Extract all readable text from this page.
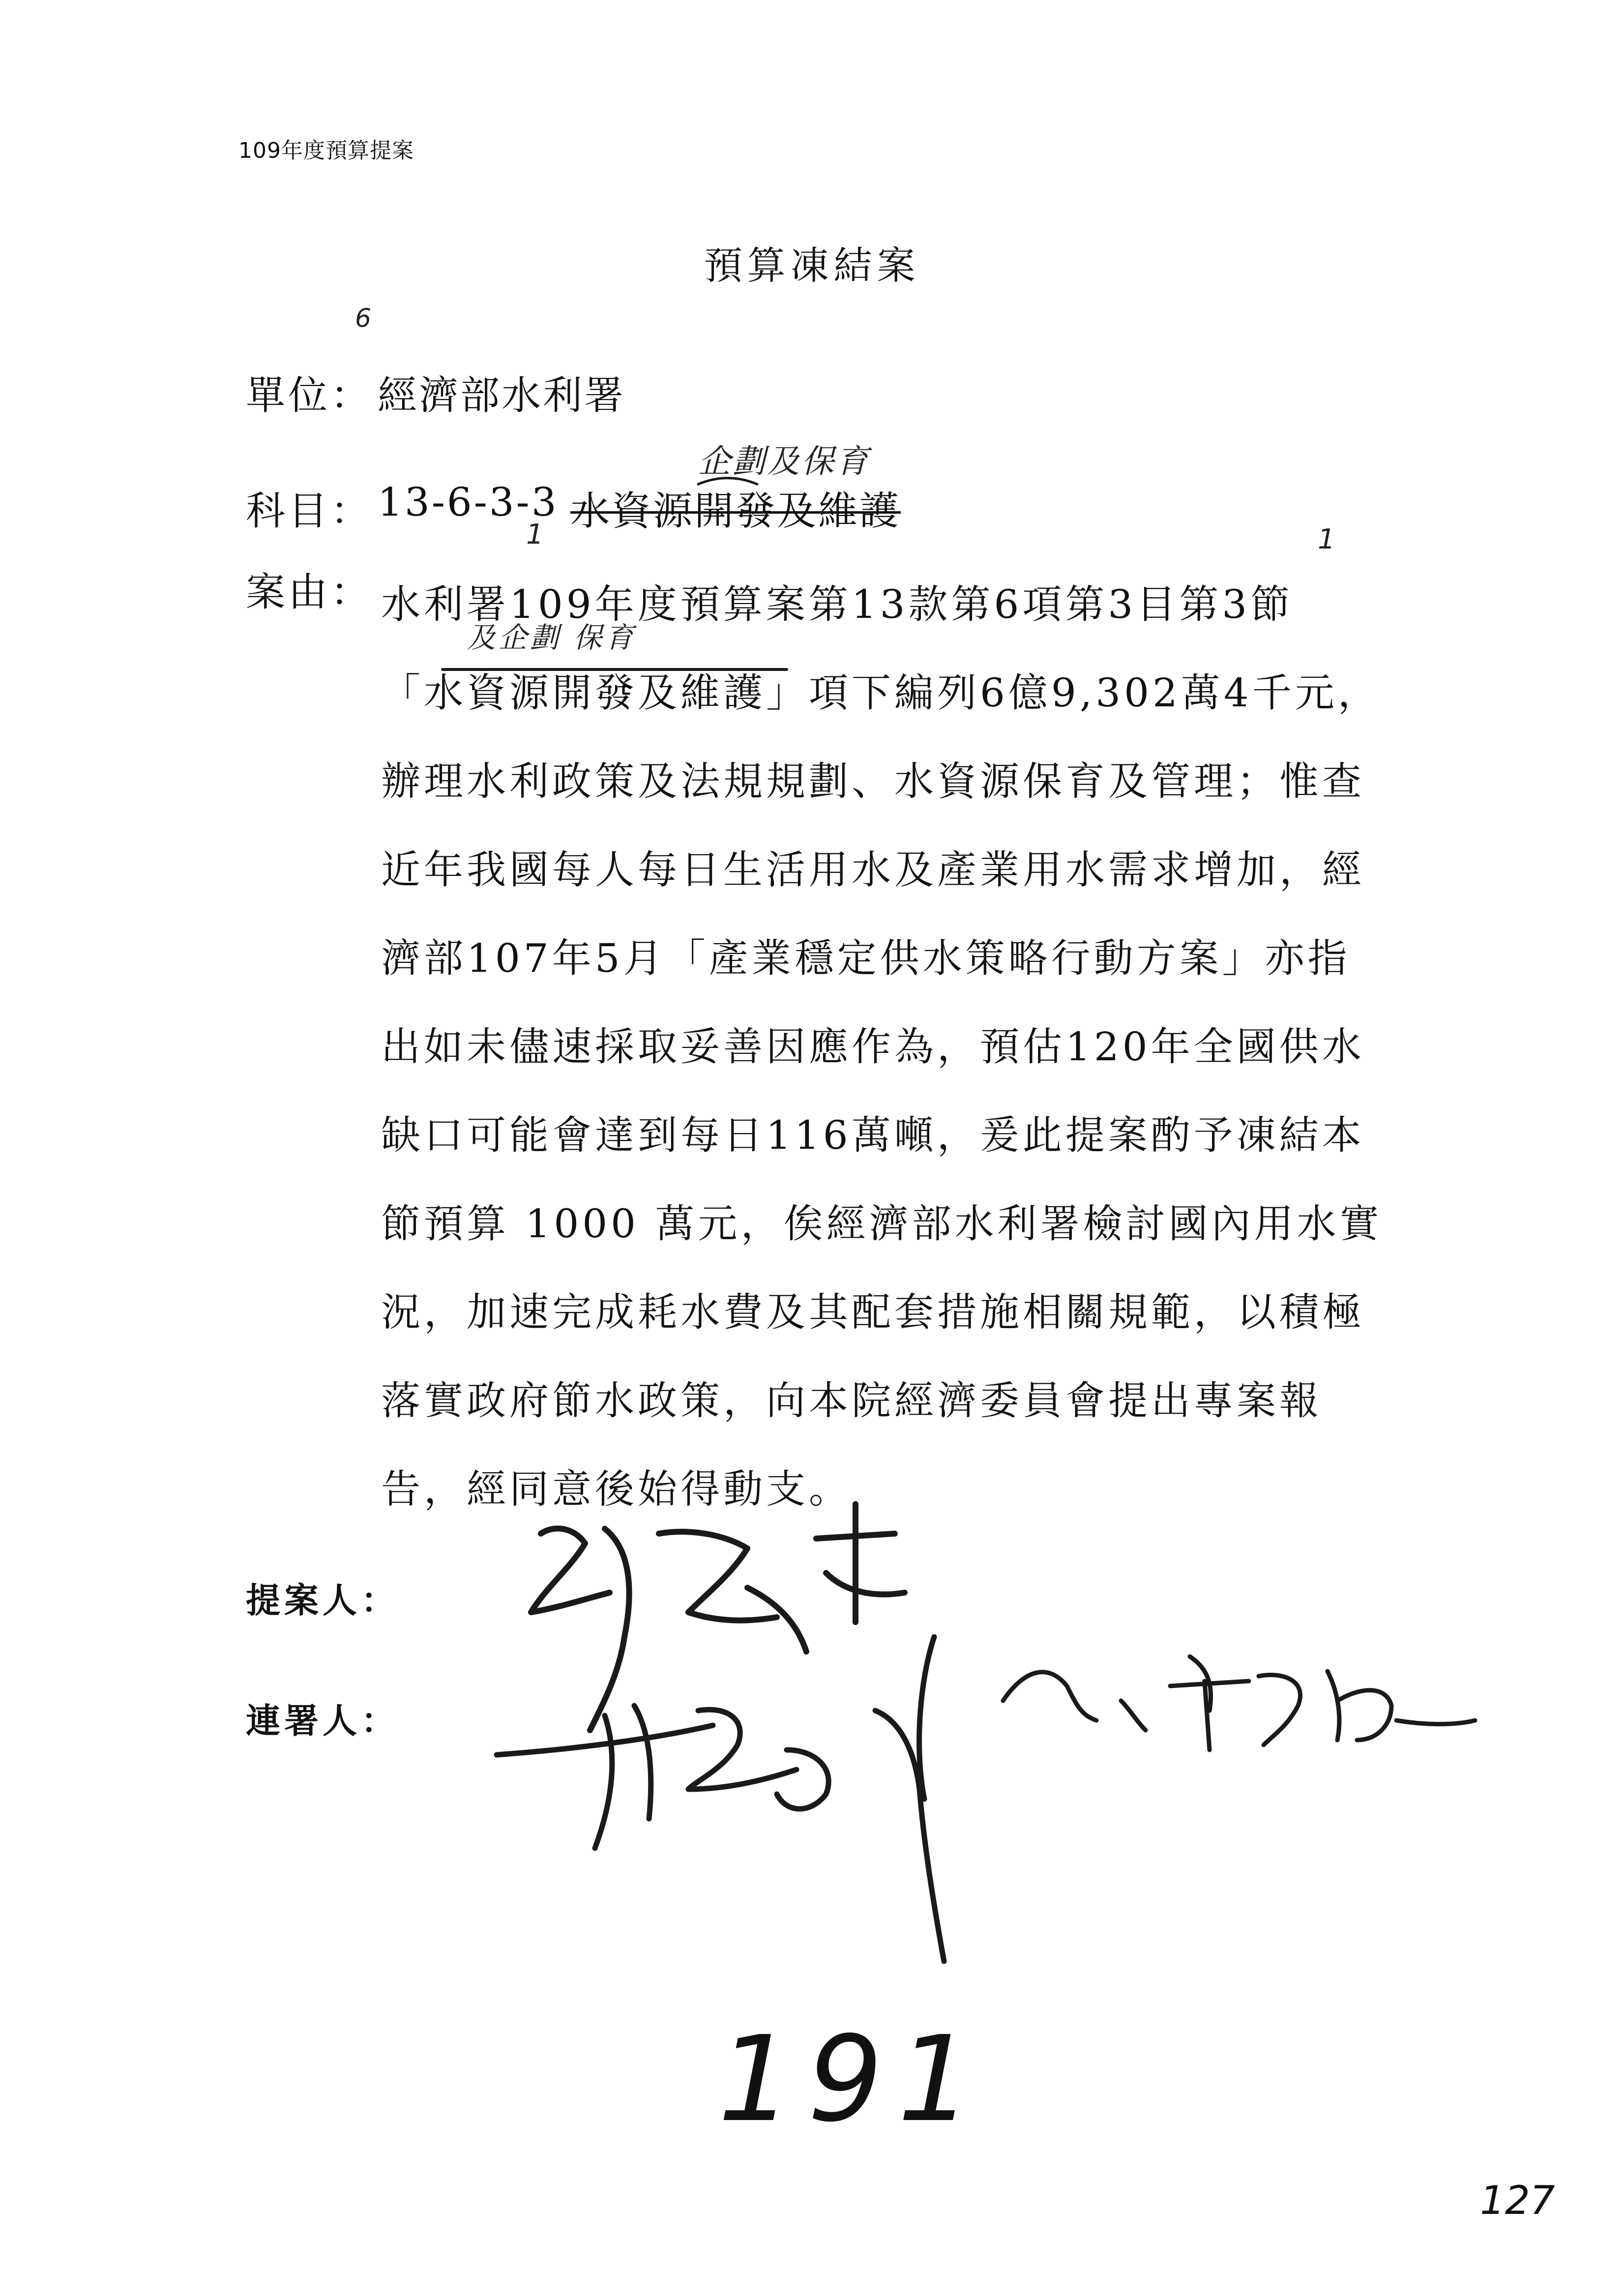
109年度預算提案
預算凍結案
6
單位： 經濟部水利署
企劃及保育
科目： 13-6-3-3 水資源開發及維護
1	1
案由： 水利署109年度預算案第13款第6項第3目第3節

「水資源開發及維護」項下編列6億9,302萬4千元，

辦理水利政策及法規規劃、水資源保育及管理；惟查

近年我國每人每日生活用水及產業用水需求增加，經

濟部107年5月「產業穩定供水策略行動方案」亦指

出如未儘速採取妥善因應作為，預估120年全國供水

缺口可能會達到每日116萬噸，爰此提案酌予凍結本

節預算 1000 萬元，俟經濟部水利署檢討國內用水實

況，加速完成耗水費及其配套措施相關規範，以積極

落實政府節水政策，向本院經濟委員會提出專案報

告，經同意後始得動支。

及企劃 保育
提案人：
連署人：
191
127
